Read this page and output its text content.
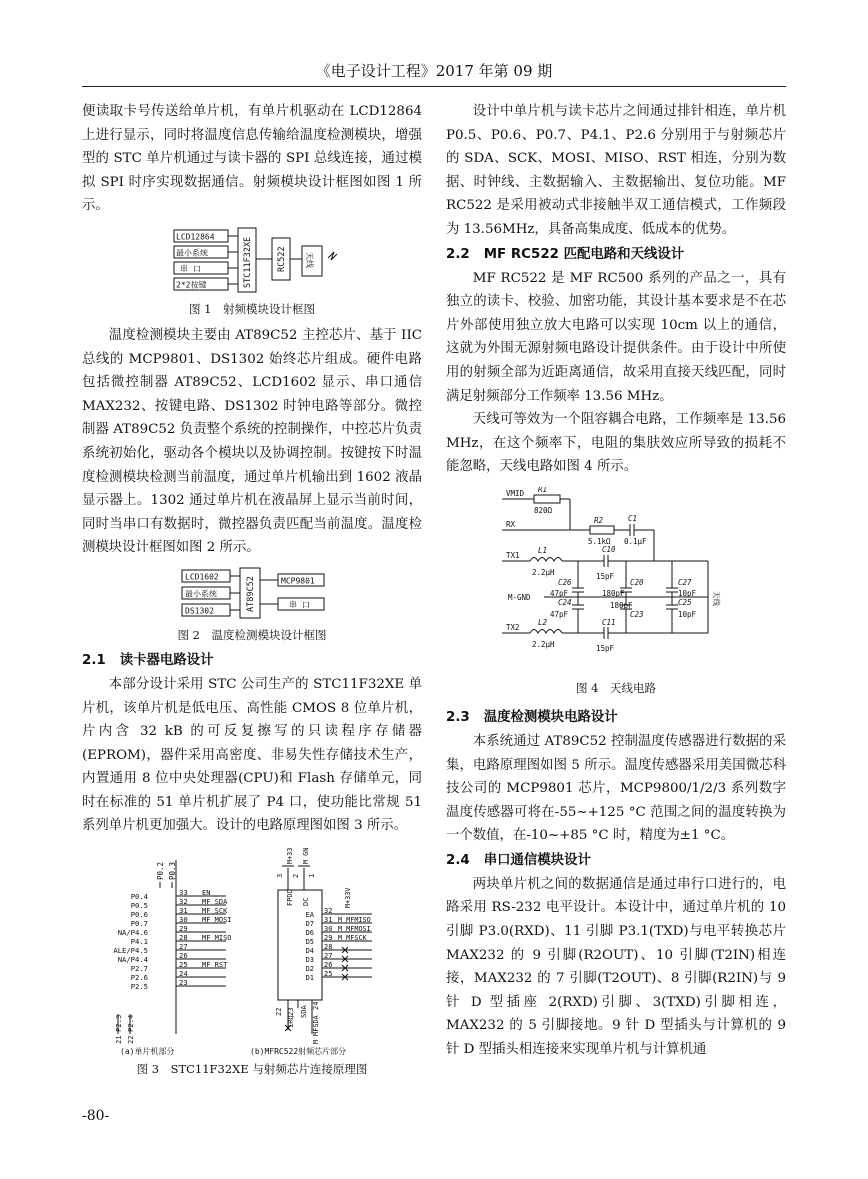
《电子设计工程》2017 年第 09 期

便读取卡号传送给单片机，有单片机驱动在 LCD12864 上进行显示，同时将温度信息传输给温度检测模块，增强型的 STC 单片机通过与读卡器的 SPI 总线连接，通过模拟 SPI 时序实现数据通信。射频模块设计框图如图 1 所示。

LCD12864
最小系统
串 口
2*2按键	STC11F32XE	RC522 天线
图 1　射频模块设计框图

温度检测模块主要由 AT89C52 主控芯片、基于 IIC 总线的 MCP9801、DS1302 始终芯片组成。硬件电路包括微控制器 AT89C52、LCD1602 显示、串口通信 MAX232、按键电路、DS1302 时钟电路等部分。微控制器 AT89C52 负责整个系统的控制操作，中控芯片负责系统初始化，驱动各个模块以及协调控制。按键按下时温度检测模块检测当前温度，通过单片机输出到 1602 液晶显示器上。1302 通过单片机在液晶屏上显示当前时间，同时当串口有数据时，微控器负责匹配当前温度。温度检测模块设计框图如图 2 所示。

LCD1602
最小系统
DS1302	AT89C52	MCP9801
串 口
图 2　温度检测模块设计框图
2.1 读卡器电路设计

本部分设计采用 STC 公司生产的 STC11F32XE 单片机，该单片机是低电压、高性能 CMOS 8 位单片机，片内含 32 kB 的可反复擦写的只读程序存储器(EPROM)，器件采用高密度、非易失性存储技术生产，内置通用 8 位中央处理器(CPU)和 Flash 存储单元，同时在标准的 51 单片机扩展了 P4 口，使功能比常规 51 系列单片机更加强大。设计的电路原理图如图 3 所示。

P0.2 P0.3
P0.4	33 EN
P0.5	32 MF SDA
P0.6	31 MF SCK
P0.7	30 MF MOSI
NA/P4.6	29
P4.1	28 MF MISO
ALE/P4.5	27
NA/P4.4	26
P2.7	25 MF RST
P2.6	24
P2.5	23
P2.3 P2.4
21 22
3
FPDD
2
DC
1
M+33V M GND
M+33V
EA 32
D7 31 M MFMISO
D6 30 M MFMOSI
D5 29 M MFSCK
D4 28
D3 27
D2 26
D1 25
22 23
IRQ
SDA 24
M MFSDA
(a)单片机部分	(b)MFRC522射频芯片部分
图 3　STC11F32XE 与射频芯片连接原理图

设计中单片机与读卡芯片之间通过排针相连，单片机 P0.5、P0.6、P0.7、P4.1、P2.6 分别用于与射频芯片的 SDA、SCK、MOSI、MISO、RST 相连，分别为数据、时钟线、主数据输入、主数据输出、复位功能。MF RC522 是采用被动式非接触半双工通信模式，工作频段为 13.56MHz，具备高集成度、低成本的优势。

2.2 MF RC522 匹配电路和天线设计

MF RC522 是 MF RC500 系列的产品之一，具有独立的读卡、校验、加密功能，其设计基本要求是不在芯片外部使用独立放大电路可以实现 10cm 以上的通信，这就为外围无源射频电路设计提供条件。由于设计中所使用的射频全部为近距离通信，故采用直接天线匹配，同时满足射频部分工作频率 13.56 MHz。

天线可等效为一个阻容耦合电路，工作频率是 13.56 MHz，在这个频率下，电阻的集肤效应所导致的损耗不能忽略，天线电路如图 4 所示。

VMID R1
820Ω
RX	R2
5.1kΩ
C1
0.1μF
TX1
L1
2.2μH
C10
15pF
C26
47pF
C20
180pF
C27
10pF
M-GND
180pF
C24
47pF	C23
C25
10pF
TX2
L2
2.2μH
C11
15pF
天线
图 4　天线电路
2.3 温度检测模块电路设计

本系统通过 AT89C52 控制温度传感器进行数据的采集，电路原理图如图 5 所示。温度传感器采用美国微芯科技公司的 MCP9801 芯片，MCP9800/1/2/3 系列数字温度传感器可将在-55~+125 °C 范围之间的温度转换为一个数值，在-10~+85 °C 时，精度为±1 °C。

2.4 串口通信模块设计

两块单片机之间的数据通信是通过串行口进行的，电路采用 RS-232 电平设计。本设计中，通过单片机的 10 引脚 P3.0(RXD)、11 引脚 P3.1(TXD)与电平转换芯片 MAX232 的 9 引脚(R2OUT)、10 引脚(T2IN)相连接，MAX232 的 7 引脚(T2OUT)、8 引脚(R2IN)与 9 针 D 型插座 2(RXD)引脚、3(TXD)引脚相连，MAX232 的 5 引脚接地。9 针 D 型插头与计算机的 9 针 D 型插头相连接来实现单片机与计算机通

-80-
